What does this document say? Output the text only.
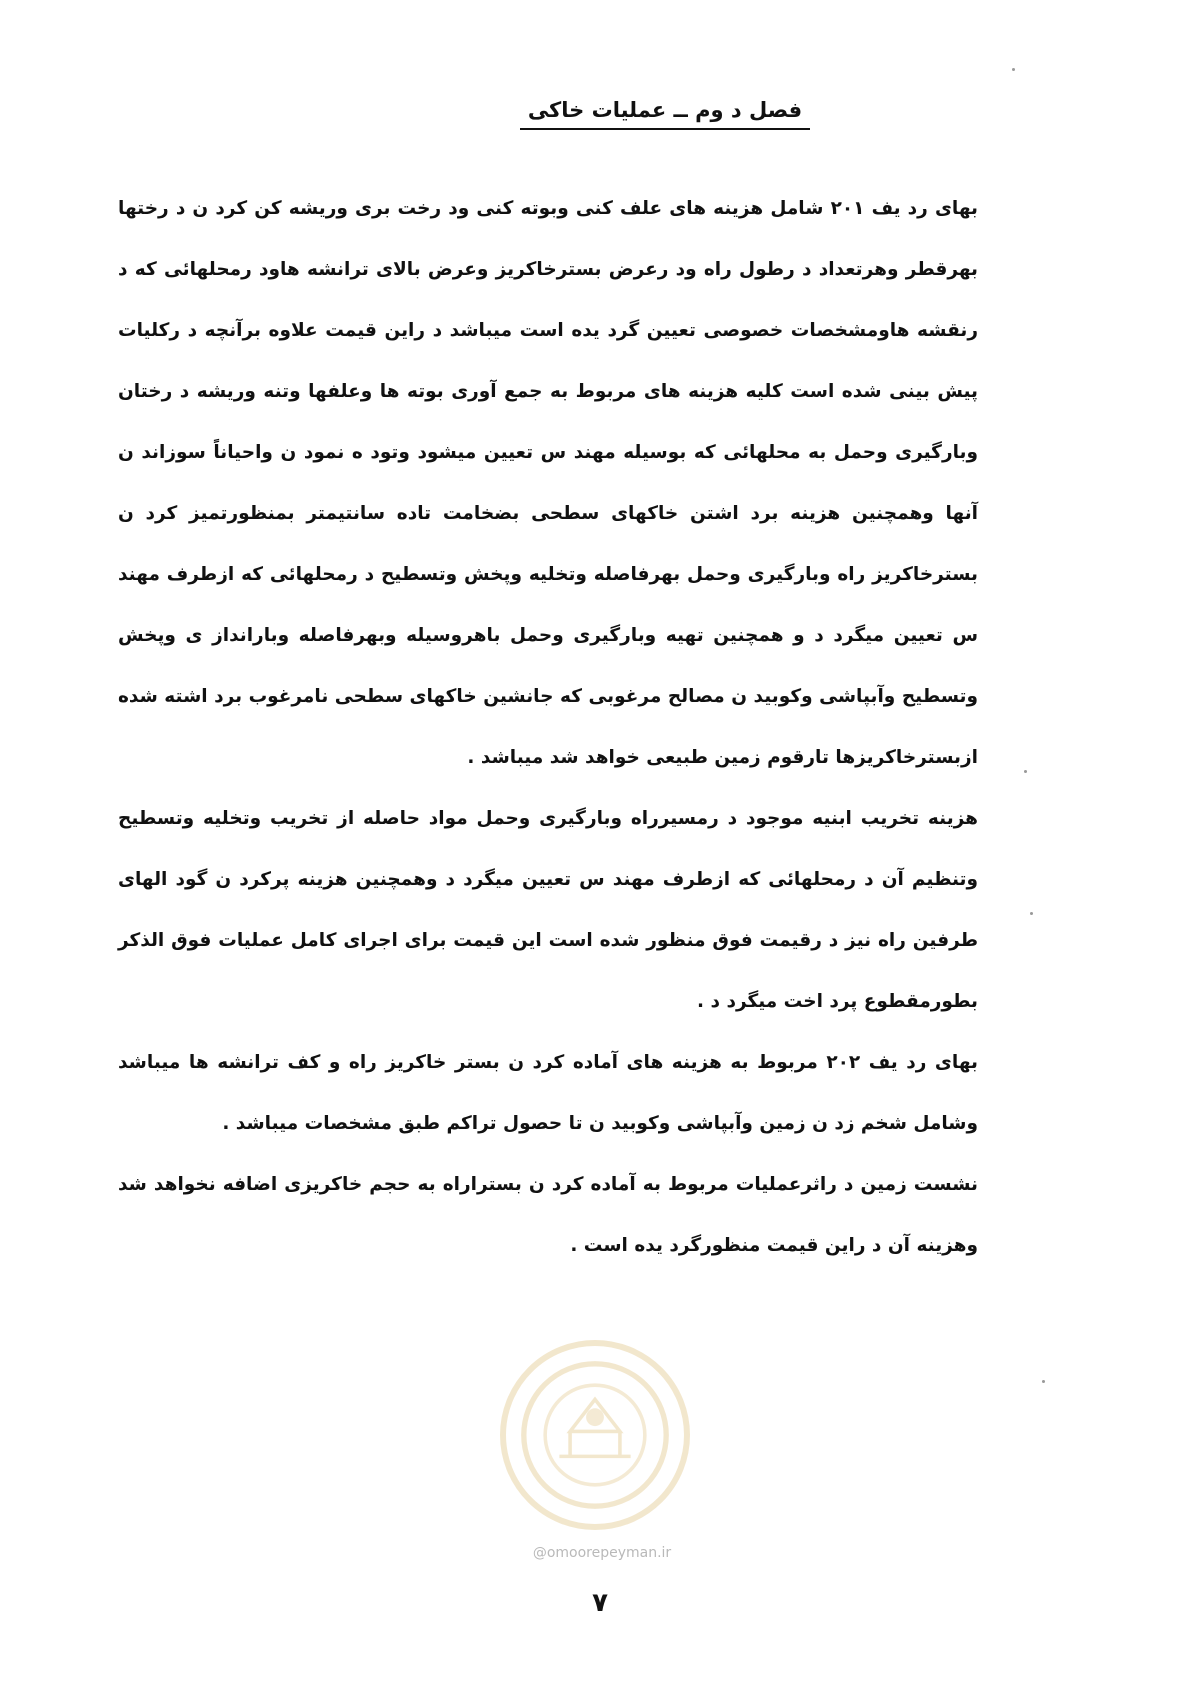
فصل د وم ــ عملیات خاکی

بهای رد یف ۲۰۱ شامل هزینه های علف کنی وبوته کنی ود رخت بری وریشه کن کرد ن د رختها بهرقطر وهرتعداد د رطول راه ود رعرض بسترخاکریز وعرض بالای ترانشه هاود رمحلهائی که د رنقشه هاومشخصات خصوصی تعیین گرد یده است میباشد د راین قیمت علاوه برآنچه د رکلیات پیش بینی شده است کلیه هزینه های مربوط به جمع آوری بوته ها وعلفها وتنه وریشه د رختان وبارگیری وحمل به محلهائی که بوسیله مهند س تعیین میشود وتود ه نمود ن واحیاناً سوزاند ن آنها وهمچنین هزینه برد اشتن خاکهای سطحی بضخامت تاده سانتیمتر بمنظورتمیز کرد ن بسترخاکریز راه وبارگیری وحمل بهرفاصله وتخلیه وپخش وتسطیح د رمحلهائی که ازطرف مهند س تعیین میگرد د و همچنین تهیه وبارگیری وحمل باهروسیله وبهرفاصله وبارانداز ی وپخش وتسطیح وآبپاشی وکوبید ن مصالح مرغوبی که جانشین خاکهای سطحی نامرغوب برد اشته شده ازبسترخاکریزها تارقوم زمین طبیعی خواهد شد میباشد .

هزینه تخریب ابنیه موجود د رمسیرراه وبارگیری وحمل مواد حاصله از تخریب وتخلیه وتسطیح وتنظیم آن د رمحلهائی که ازطرف مهند س تعیین میگرد د وهمچنین هزینه پرکرد ن گود الهای طرفین راه نیز د رقیمت فوق منظور شده است این قیمت برای اجرای کامل عملیات فوق الذکر بطورمقطوع پرد اخت میگرد د .

بهای رد یف ۲۰۲ مربوط به هزینه های آماده کرد ن بستر خاکریز راه و کف ترانشه ها میباشد وشامل شخم زد ن زمین وآبپاشی وکوبید ن تا حصول تراکم طبق مشخصات میباشد .

نشست زمین د راثرعملیات مربوط به آماده کرد ن بستراراه به حجم خاکریزی اضافه نخواهد شد وهزینه آن د راین قیمت منظورگرد یده است .

@omoorepeyman.ir
۷
